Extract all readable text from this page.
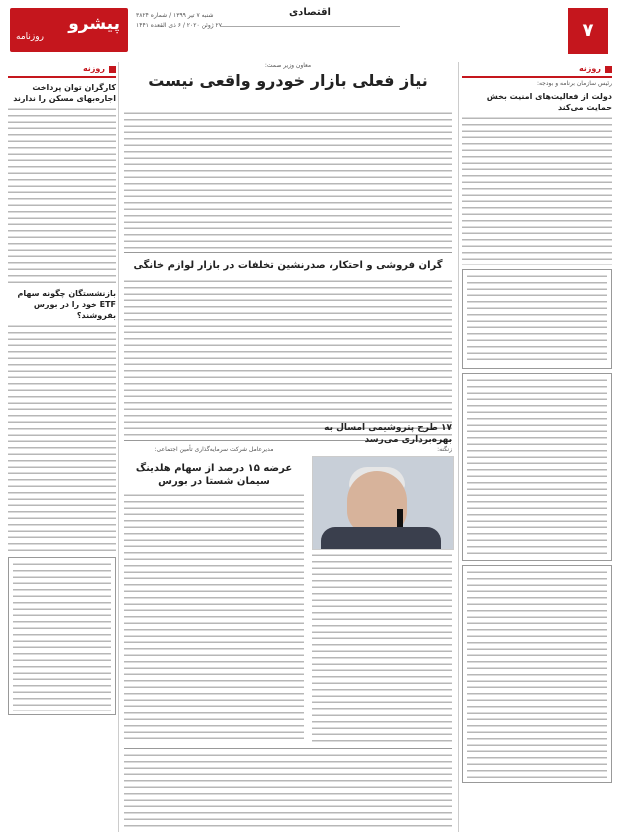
پیشرو
روزنامه
شنبه ۷ تیر ۱۳۹۹ / شماره ۳۸۲۴
۲۷ ژوئن ۲۰۲۰ / ۶ ذی القعده ۱۴۴۱
اقتصادی
۷
روزنه
رئیس سازمان برنامه و بودجه:
دولت از فعالیت‌های امنیت بخش حمایت می‌کند
معاون وزیر صمت:
نیاز فعلی بازار خودرو واقعی نیست
گران فروشی و احتکار، صدرنشین تخلفات در بازار لوازم خانگی
زنگنه:
۱۷ طرح پتروشیمی امسال به بهره‌برداری می‌رسد
مدیرعامل شرکت سرمایه‌گذاری تأمین اجتماعی:
عرضه ۱۵ درصد از سهام هلدینگ سیمان شستا در بورس
روزنه
کارگران توان پرداخت اجاره‌بهای مسکن را ندارند
بازنشستگان چگونه سهام ETF خود را در بورس بفروشند؟
